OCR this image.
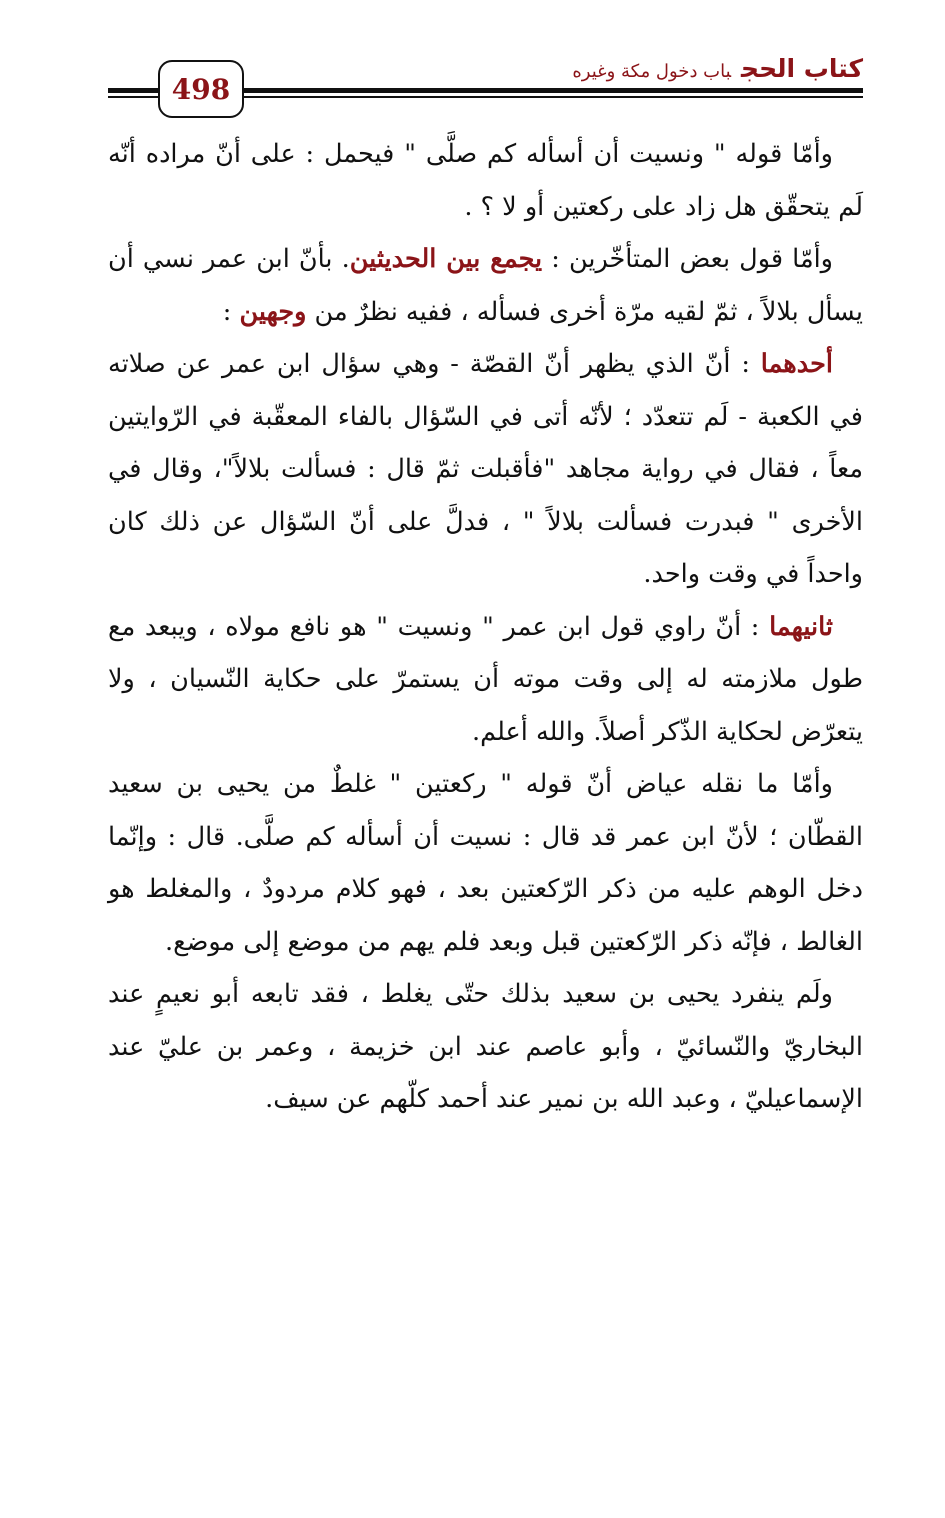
498
كتاب الحجباب دخول مكة وغيره

وأمّا قوله " ونسيت أن أسأله كم صلَّى " فيحمل : على أنّ مراده أنّه لَم يتحقّق هل زاد على ركعتين أو لا ؟ .

وأمّا قول بعض المتأخّرين : يجمع بين الحديثين. بأنّ ابن عمر نسي أن يسأل بلالاً ، ثمّ لقيه مرّة أخرى فسأله ، ففيه نظرٌ من وجهين :

أحدهما : أنّ الذي يظهر أنّ القصّة - وهي سؤال ابن عمر عن صلاته في الكعبة - لَم تتعدّد ؛ لأنّه أتى في السّؤال بالفاء المعقّبة في الرّوايتين معاً ، فقال في رواية مجاهد "فأقبلت ثمّ قال : فسألت بلالاً"، وقال في الأخرى " فبدرت فسألت بلالاً " ، فدلَّ على أنّ السّؤال عن ذلك كان واحداً في وقت واحد.

ثانيهما : أنّ راوي قول ابن عمر " ونسيت " هو نافع مولاه ، ويبعد مع طول ملازمته له إلى وقت موته أن يستمرّ على حكاية النّسيان ، ولا يتعرّض لحكاية الذّكر أصلاً. والله أعلم.

وأمّا ما نقله عياض أنّ قوله " ركعتين " غلطٌ من يحيى بن سعيد القطّان ؛ لأنّ ابن عمر قد قال : نسيت أن أسأله كم صلَّى. قال : وإنّما دخل الوهم عليه من ذكر الرّكعتين بعد ، فهو كلام مردودٌ ، والمغلط هو الغالط ، فإنّه ذكر الرّكعتين قبل وبعد فلم يهم من موضع إلى موضع.

ولَم ينفرد يحيى بن سعيد بذلك حتّى يغلط ، فقد تابعه أبو نعيمٍ عند البخاريّ والنّسائيّ ، وأبو عاصم عند ابن خزيمة ، وعمر بن عليّ عند الإسماعيليّ ، وعبد الله بن نمير عند أحمد كلّهم عن سيف.
